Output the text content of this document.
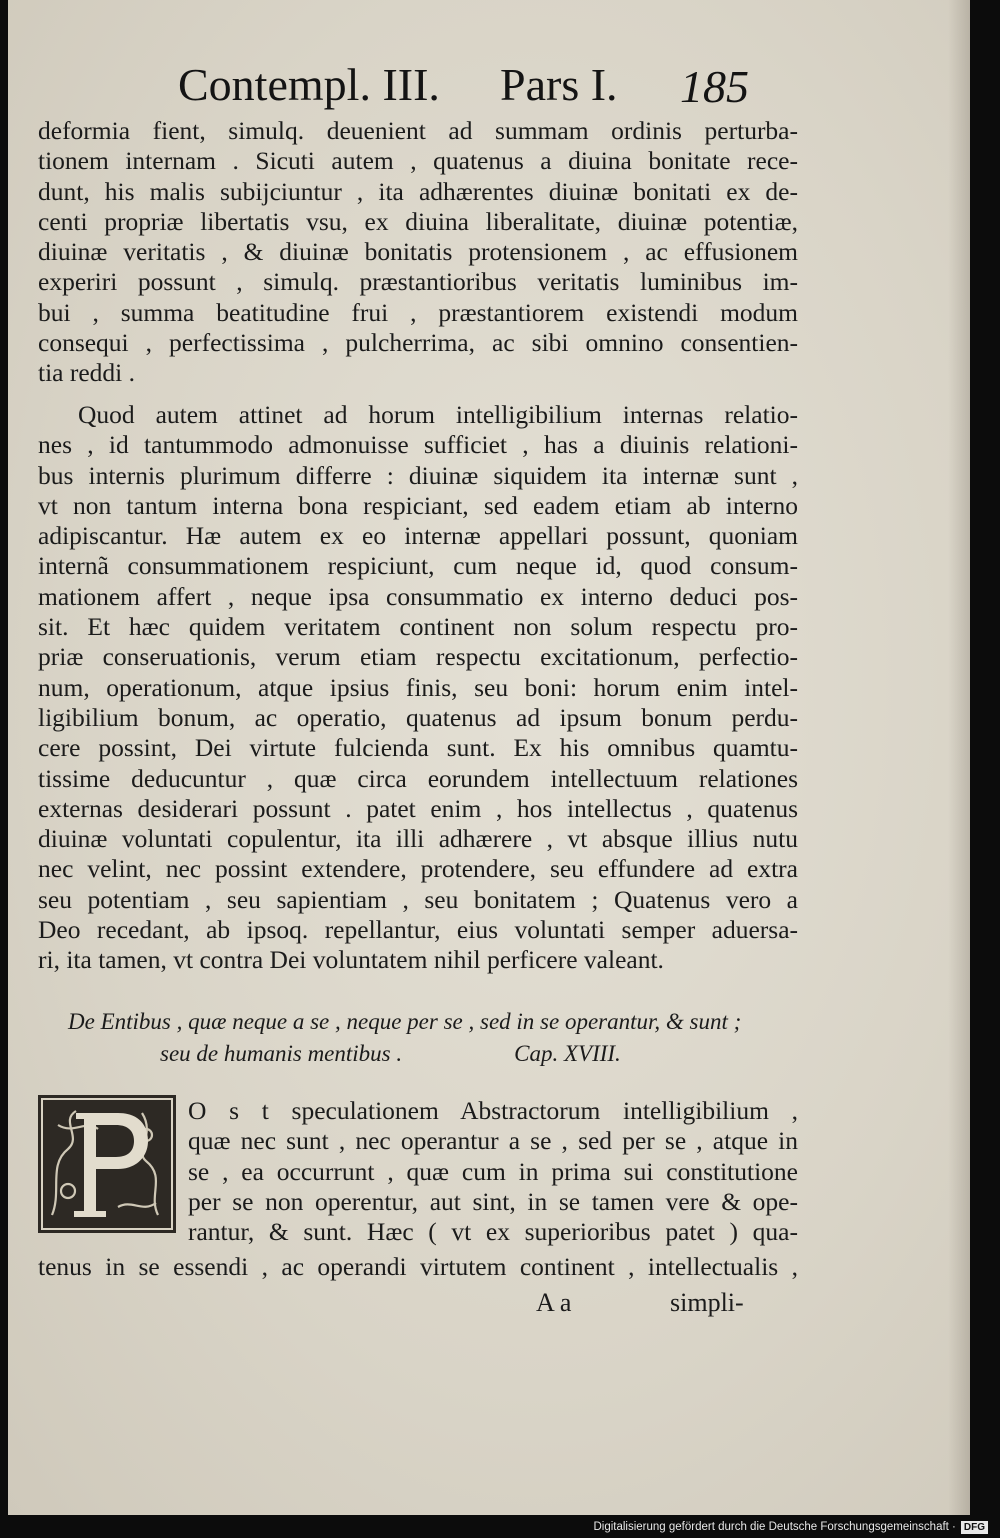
Contempl. III. Pars I. 185
deformia fient, simulq. deuenient ad summam ordinis perturba-
tionem internam . Sicuti autem , quatenus a diuina bonitate rece-
dunt, his malis subijciuntur , ita adhærentes diuinæ bonitati ex de-
centi propriæ libertatis vsu, ex diuina liberalitate, diuinæ potentiæ,
diuinæ veritatis , & diuinæ bonitatis protensionem , ac effusionem
experiri possunt , simulq. præstantioribus veritatis luminibus im-
bui , summa beatitudine frui , præstantiorem existendi modum
consequi , perfectissima , pulcherrima, ac sibi omnino consentien-
tia reddi .
Quod autem attinet ad horum intelligibilium internas relatio-
nes , id tantummodo admonuisse sufficiet , has a diuinis relationi-
bus internis plurimum differre : diuinæ siquidem ita internæ sunt ,
vt non tantum interna bona respiciant, sed eadem etiam ab interno
adipiscantur. Hæ autem ex eo internæ appellari possunt, quoniam
internã consummationem respiciunt, cum neque id, quod consum-
mationem affert , neque ipsa consummatio ex interno deduci pos-
sit. Et hæc quidem veritatem continent non solum respectu pro-
priæ conseruationis, verum etiam respectu excitationum, perfectio-
num, operationum, atque ipsius finis, seu boni: horum enim intel-
ligibilium bonum, ac operatio, quatenus ad ipsum bonum perdu-
cere possint, Dei virtute fulcienda sunt. Ex his omnibus quamtu-
tissime deducuntur , quæ circa eorundem intellectuum relationes
externas desiderari possunt . patet enim , hos intellectus , quatenus
diuinæ voluntati copulentur, ita illi adhærere , vt absque illius nutu
nec velint, nec possint extendere, protendere, seu effundere ad extra
seu potentiam , seu sapientiam , seu bonitatem ; Quatenus vero a
Deo recedant, ab ipsoq. repellantur, eius voluntati semper aduersa-
ri, ita tamen, vt contra Dei voluntatem nihil perficere valeant.
De Entibus , quæ neque a se , neque per se , sed in se operantur, & sunt ;
seu de humanis mentibus .	Cap. XVIII.
O s t speculationem Abstractorum intelligibilium ,
quæ nec sunt , nec operantur a se , sed per se , atque in
se , ea occurrunt , quæ cum in prima sui constitutione
per se non operentur, aut sint, in se tamen vere & ope-
rantur, & sunt. Hæc ( vt ex superioribus patet ) qua-
tenus in se essendi , ac operandi virtutem continent , intellectualis ,
A a	simpli-
Digitalisierung gefördert durch die Deutsche Forschungsgemeinschaft · DFG
